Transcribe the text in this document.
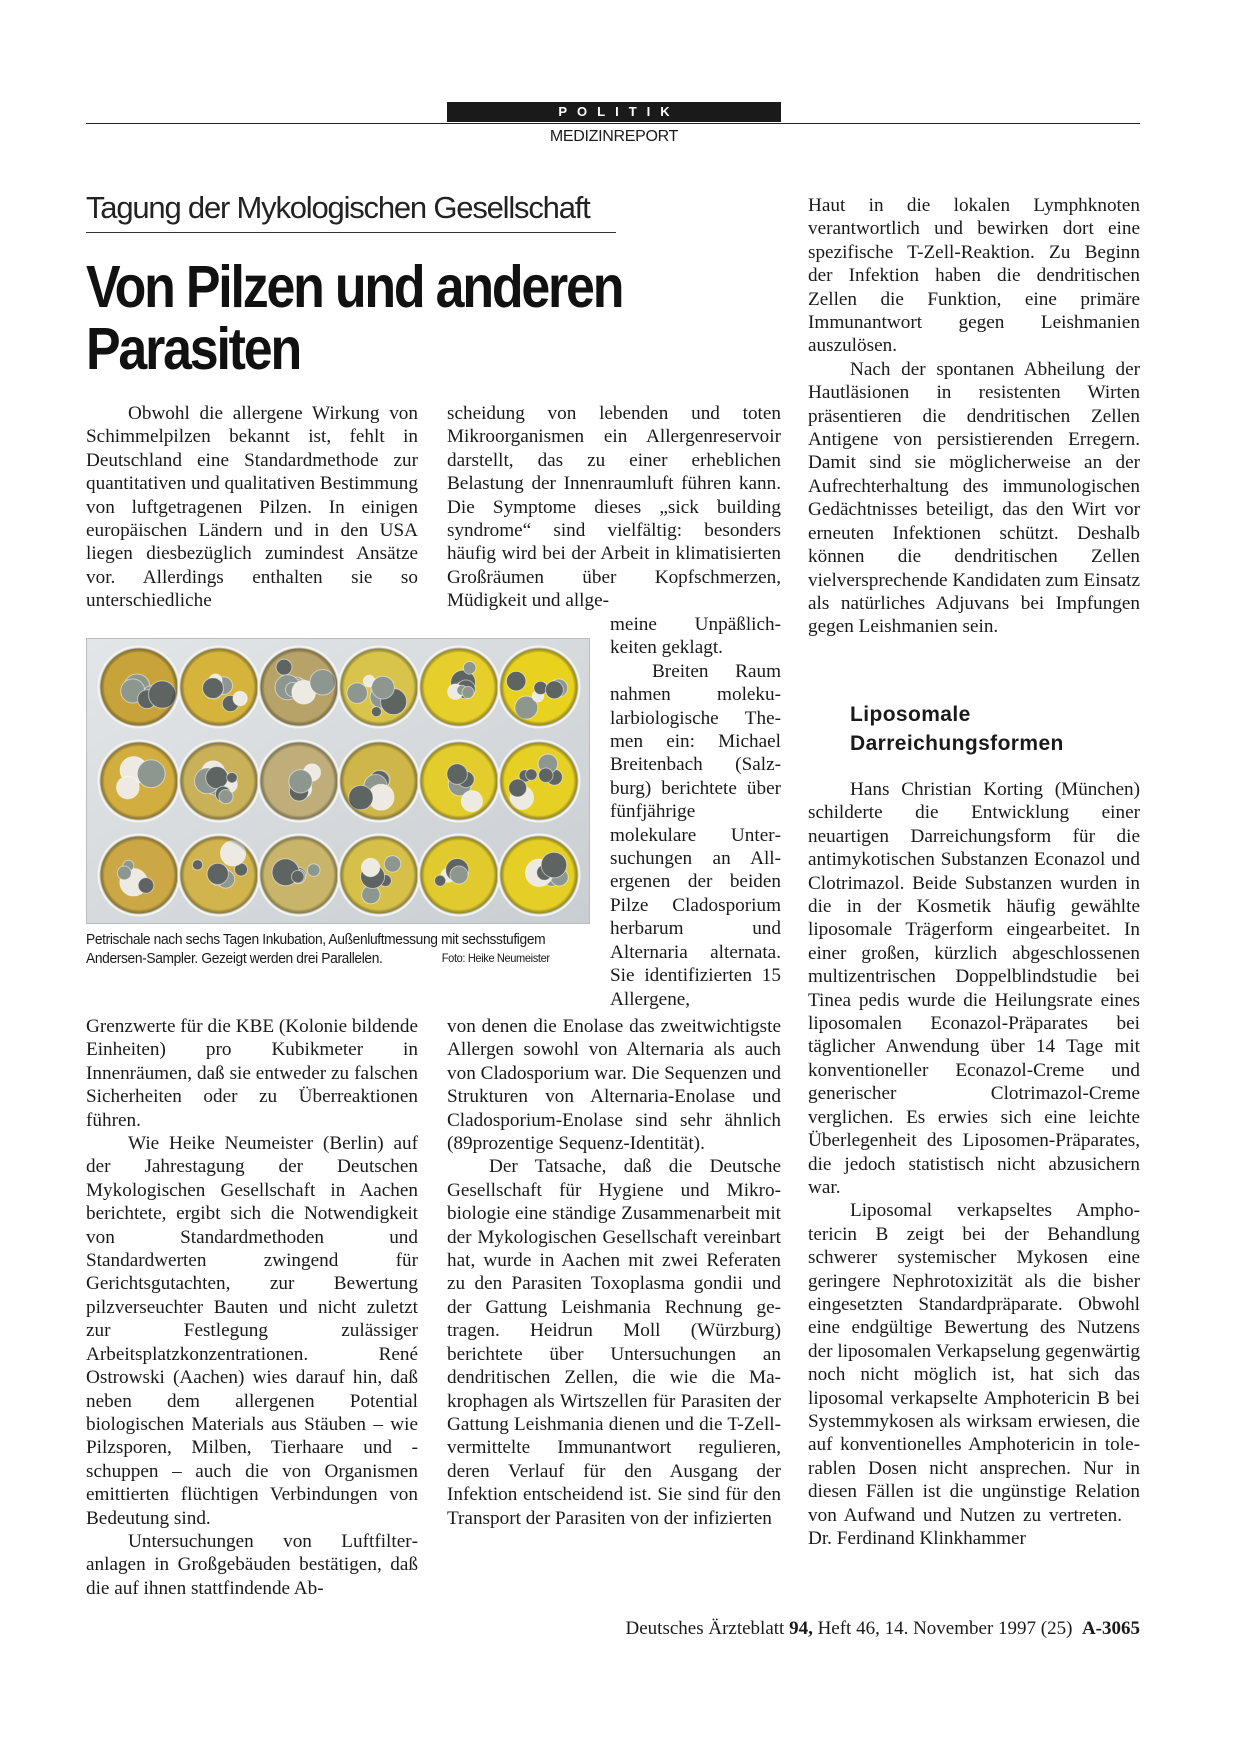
POLITIK
MEDIZINREPORT
Tagung der Mykologischen Gesellschaft
Von Pilzen und anderen
Parasiten

Obwohl die allergene Wirkung von Schimmelpilzen bekannt ist, fehlt in Deutschland eine Standardmethode zur quantitativen und qualitativen Bestimmung von luftgetragenen Pilzen. In einigen europäischen Ländern und in den USA liegen diesbezüglich zumindest Ansätze vor. Allerdings enthalten sie so unterschiedliche

Petrischale nach sechs Tagen Inkubation, Außenluftmessung mit sechsstufigem Andersen-Sampler. Gezeigt werden drei Parallelen.	Foto: Heike Neumeister

Grenzwerte für die KBE (Kolonie bildende Einheiten) pro Kubikmeter in Innenräumen, daß sie entweder zu falschen Sicherheiten oder zu Überreaktionen führen.

Wie Heike Neumeister (Berlin) auf der Jahrestagung der Deutschen Mykologischen Gesellschaft in Aachen berichtete, ergibt sich die Notwendigkeit von Standardmethoden und Standardwerten zwingend für Gerichtsgutachten, zur Bewertung pilzverseuchter Bauten und nicht zuletzt zur Festlegung zulässiger Arbeitsplatzkonzentrationen. René Ostrowski (Aachen) wies darauf hin, daß neben dem allergenen Potential biologischen Materials aus Stäuben – wie Pilzsporen, Milben, Tierhaare und -schuppen – auch die von Organismen emittierten flüchtigen Verbindungen von Bedeutung sind.

Untersuchungen von Luftfilteranlagen in Großgebäuden bestätigen, daß die auf ihnen stattfindende Ab-

scheidung von lebenden und toten Mikroorganismen ein Allergenreservoir darstellt, das zu einer erheblichen Belastung der Innenraumluft führen kann. Die Symptome dieses „sick building syndrome“ sind vielfältig: besonders häufig wird bei der Arbeit in klimatisierten Großräumen über Kopfschmerzen, Müdigkeit und allge-

meine Unpäßlichkeiten geklagt.

Breiten Raum nahmen molekularbiologische Themen ein: Michael Breitenbach (Salzburg) berichtete über fünfjährige molekulare Untersuchungen an Allergenen der beiden Pilze Cladosporium herbarum und Alternaria alternata. Sie identifizierten 15 Allergene,

von denen die Enolase das zweitwichtigste Allergen sowohl von Alternaria als auch von Cladosporium war. Die Sequenzen und Strukturen von Alternaria-Enolase und Cladosporium-Enolase sind sehr ähnlich (89prozentige Sequenz-Identität).

Der Tatsache, daß die Deutsche Gesellschaft für Hygiene und Mikrobiologie eine ständige Zusammenarbeit mit der Mykologischen Gesellschaft vereinbart hat, wurde in Aachen mit zwei Referaten zu den Parasiten Toxoplasma gondii und der Gattung Leishmania Rechnung getragen. Heidrun Moll (Würzburg) berichtete über Untersuchungen an dendritischen Zellen, die wie die Makrophagen als Wirtszellen für Parasiten der Gattung Leishmania dienen und die T-Zell-vermittelte Immunantwort regulieren, deren Verlauf für den Ausgang der Infektion entscheidend ist. Sie sind für den Transport der Parasiten von der infizierten

Haut in die lokalen Lymphknoten verantwortlich und bewirken dort eine spezifische T-Zell-Reaktion. Zu Beginn der Infektion haben die dendritischen Zellen die Funktion, eine primäre Immunantwort gegen Leishmanien auszulösen.

Nach der spontanen Abheilung der Hautläsionen in resistenten Wirten präsentieren die dendritischen Zellen Antigene von persistierenden Erregern. Damit sind sie möglicherweise an der Aufrechterhaltung des immunologischen Gedächtnisses beteiligt, das den Wirt vor erneuten Infektionen schützt. Deshalb können die dendritischen Zellen vielversprechende Kandidaten zum Einsatz als natürliches Adjuvans bei Impfungen gegen Leishmanien sein.

Liposomale
Darreichungsformen

Hans Christian Korting (München) schilderte die Entwicklung einer neuartigen Darreichungsform für die antimykotischen Substanzen Econazol und Clotrimazol. Beide Substanzen wurden in die in der Kosmetik häufig gewählte liposomale Trägerform eingearbeitet. In einer großen, kürzlich abgeschlossenen multizentrischen Doppelblindstudie bei Tinea pedis wurde die Heilungsrate eines liposomalen Econazol-Präparates bei täglicher Anwendung über 14 Tage mit konventioneller Econazol-Creme und generischer Clotrimazol-Creme verglichen. Es erwies sich eine leichte Überlegenheit des Liposomen-Präparates, die jedoch statistisch nicht abzusichern war.

Liposomal verkapseltes Amphotericin B zeigt bei der Behandlung schwerer systemischer Mykosen eine geringere Nephrotoxizität als die bisher eingesetzten Standardpräparate. Obwohl eine endgültige Bewertung des Nutzens der liposomalen Verkapselung gegenwärtig noch nicht möglich ist, hat sich das liposomal verkapselte Amphotericin B bei Systemmykosen als wirksam erwiesen, die auf konventionelles Amphotericin in tolerablen Dosen nicht ansprechen. Nur in diesen Fällen ist die ungünstige Relation von Aufwand und Nutzen zu vertreten.Dr. Ferdinand Klinkhammer

Deutsches Ärzteblatt 94, Heft 46, 14. November 1997 (25) A-3065
